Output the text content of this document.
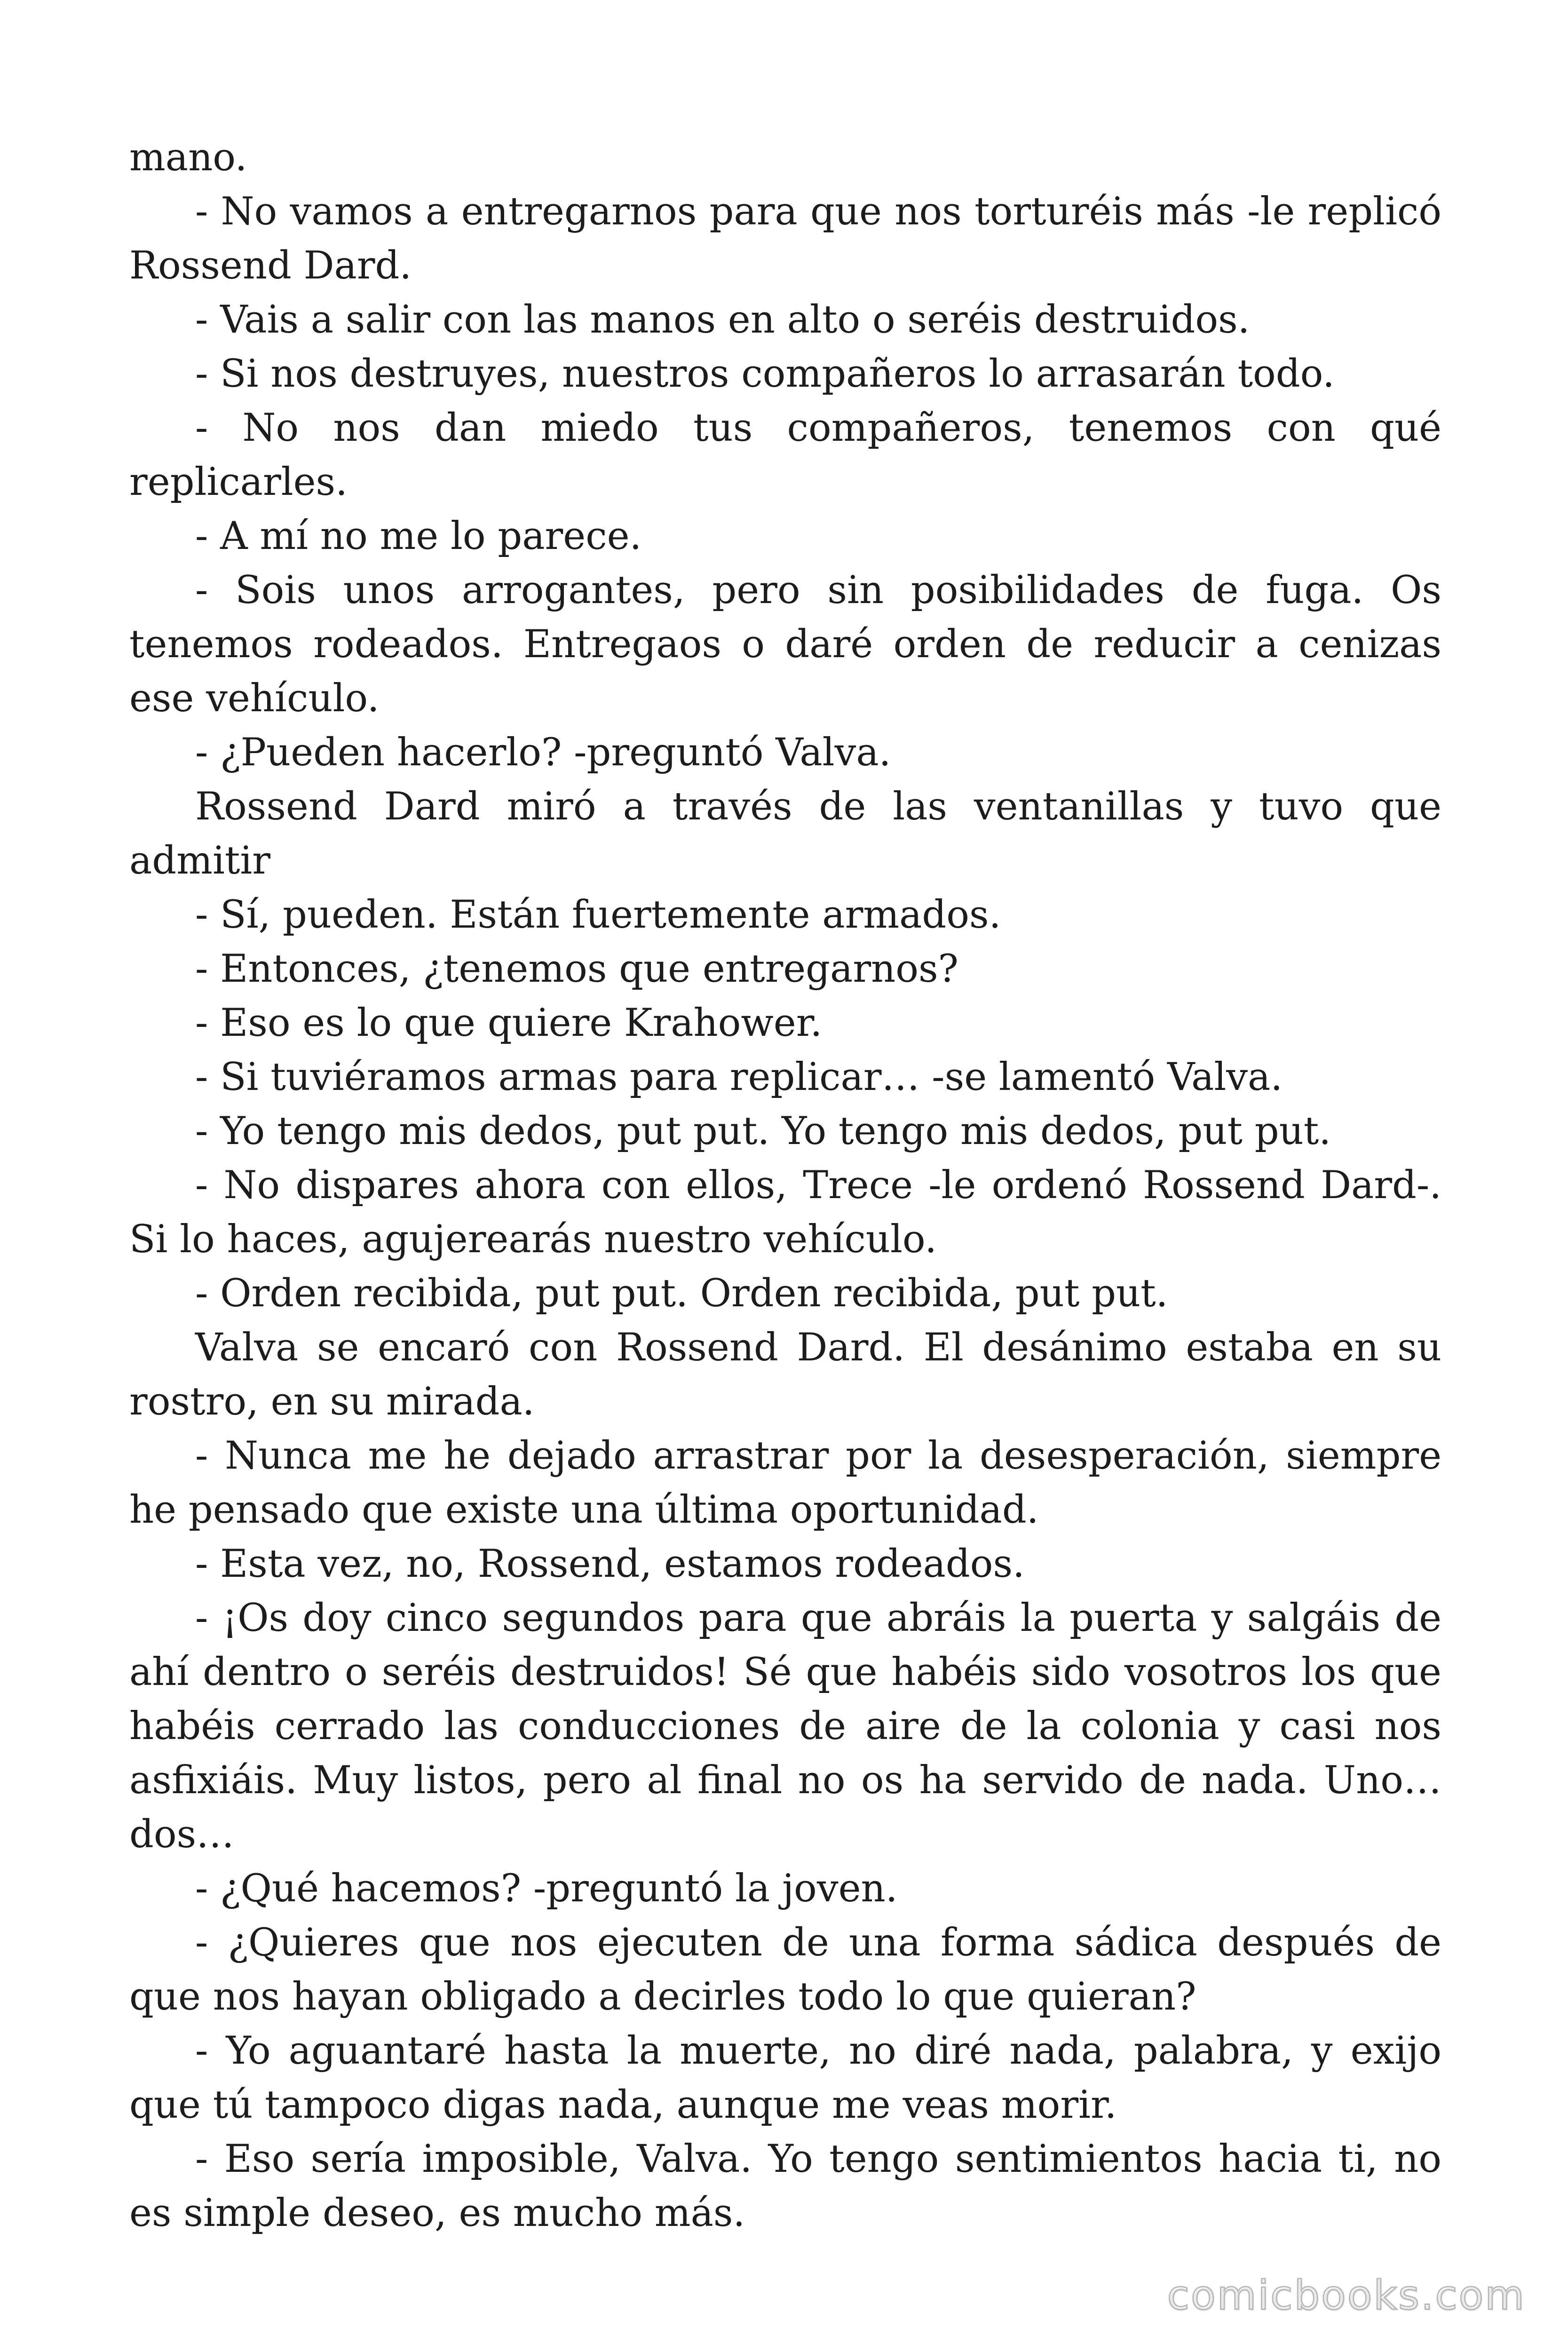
mano.

- No vamos a entregarnos para que nos torturéis más -le replicó Rossend Dard.

- Vais a salir con las manos en alto o seréis destruidos.

- Si nos destruyes, nuestros compañeros lo arrasarán todo.

- No nos dan miedo tus compañeros, tenemos con qué replicarles.

- A mí no me lo parece.

- Sois unos arrogantes, pero sin posibilidades de fuga. Os tenemos rodeados. Entregaos o daré orden de reducir a cenizas ese vehículo.

- ¿Pueden hacerlo? -preguntó Valva.

Rossend Dard miró a través de las ventanillas y tuvo que admitir

- Sí, pueden. Están fuertemente armados.

- Entonces, ¿tenemos que entregarnos?

- Eso es lo que quiere Krahower.

- Si tuviéramos armas para replicar… -se lamentó Valva.

- Yo tengo mis dedos, put put. Yo tengo mis dedos, put put.

- No dispares ahora con ellos, Trece -le ordenó Rossend Dard-. Si lo haces, agujerearás nuestro vehículo.

- Orden recibida, put put. Orden recibida, put put.

Valva se encaró con Rossend Dard. El desánimo estaba en su rostro, en su mirada.

- Nunca me he dejado arrastrar por la desesperación, siempre he pensado que existe una última oportunidad.

- Esta vez, no, Rossend, estamos rodeados.

- ¡Os doy cinco segundos para que abráis la puerta y salgáis de ahí dentro o seréis destruidos! Sé que habéis sido vosotros los que habéis cerrado las conducciones de aire de la colonia y casi nos asfixiáis. Muy listos, pero al final no os ha servido de nada. Uno… dos…

- ¿Qué hacemos? -preguntó la joven.

- ¿Quieres que nos ejecuten de una forma sádica después de que nos hayan obligado a decirles todo lo que quieran?

- Yo aguantaré hasta la muerte, no diré nada, palabra, y exijo que tú tampoco digas nada, aunque me veas morir.

- Eso sería imposible, Valva. Yo tengo sentimientos hacia ti, no es simple deseo, es mucho más.

comicbooks.com
